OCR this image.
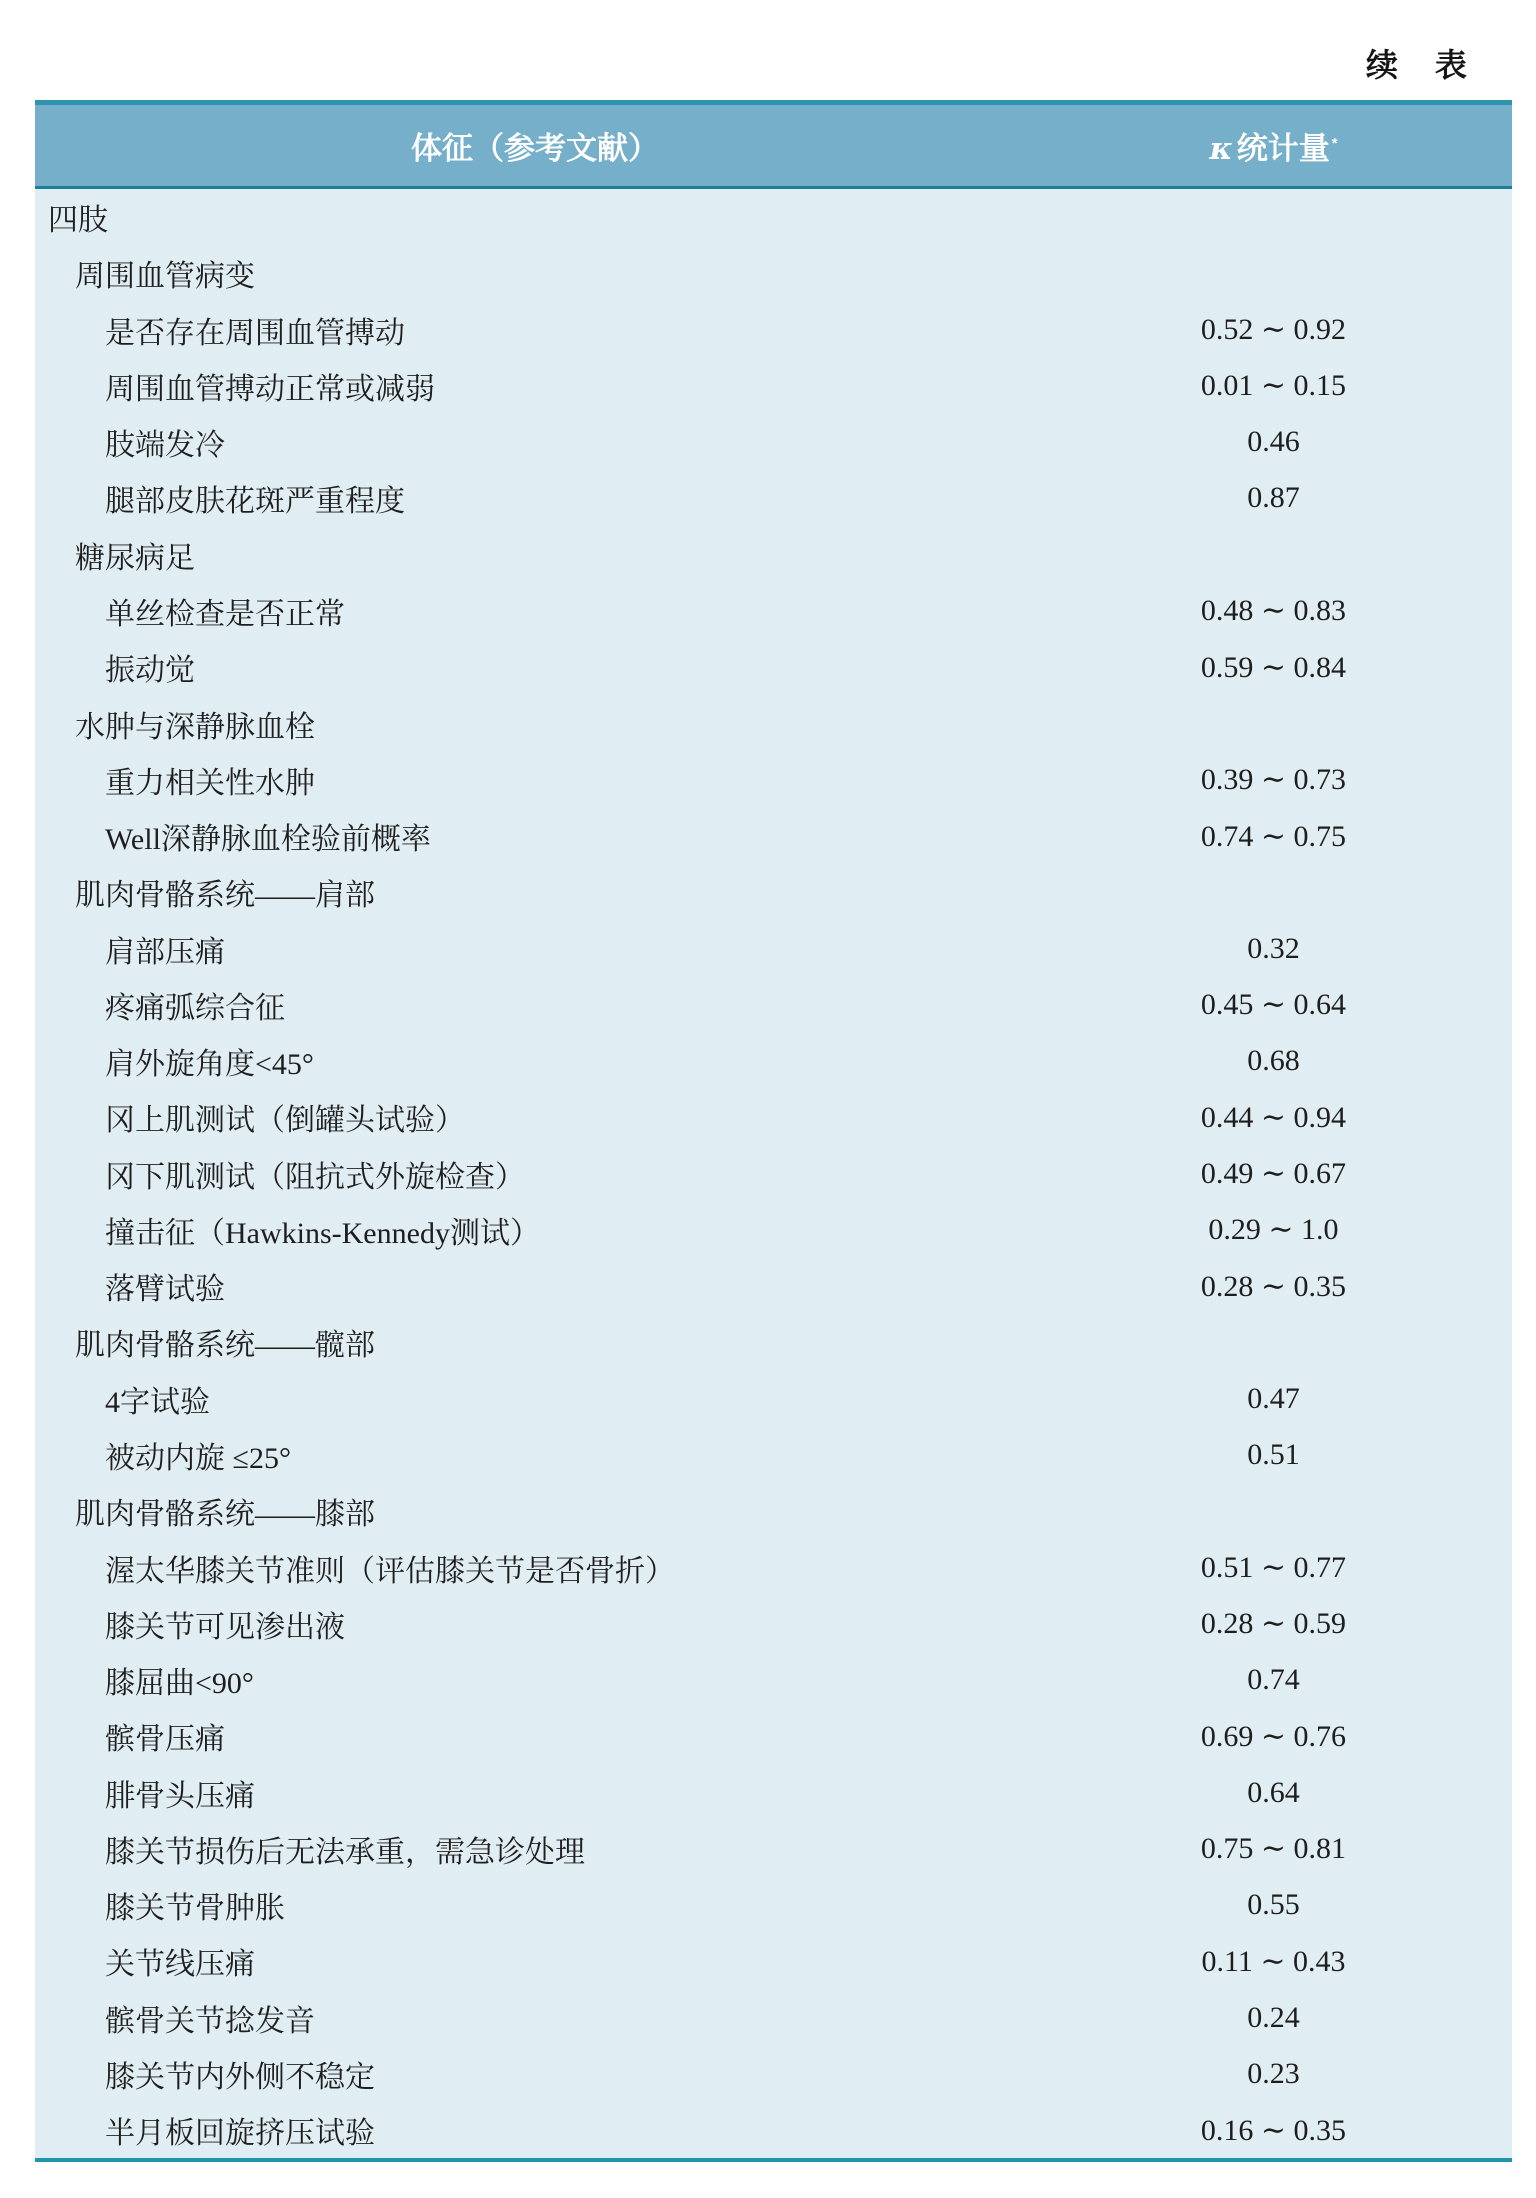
续 表
体征（参考文献）	κ 统计量 *
四肢
周围血管病变
是否存在周围血管搏动	0.52 ∼ 0.92
周围血管搏动正常或减弱	0.01 ∼ 0.15
肢端发冷	0.46
腿部皮肤花斑严重程度	0.87
糖尿病足
单丝检查是否正常	0.48 ∼ 0.83
振动觉	0.59 ∼ 0.84
水肿与深静脉血栓
重力相关性水肿	0.39 ∼ 0.73
Well深静脉血栓验前概率	0.74 ∼ 0.75
肌肉骨骼系统——肩部
肩部压痛	0.32
疼痛弧综合征	0.45 ∼ 0.64
肩外旋角度<45°	0.68
冈上肌测试（倒罐头试验）	0.44 ∼ 0.94
冈下肌测试（阻抗式外旋检查）	0.49 ∼ 0.67
撞击征（Hawkins-Kennedy测试）	0.29 ∼ 1.0
落臂试验	0.28 ∼ 0.35
肌肉骨骼系统——髋部
4字试验	0.47
被动内旋 ≤25°	0.51
肌肉骨骼系统——膝部
渥太华膝关节准则（评估膝关节是否骨折）	0.51 ∼ 0.77
膝关节可见渗出液	0.28 ∼ 0.59
膝屈曲<90°	0.74
髌骨压痛	0.69 ∼ 0.76
腓骨头压痛	0.64
膝关节损伤后无法承重，需急诊处理	0.75 ∼ 0.81
膝关节骨肿胀	0.55
关节线压痛	0.11 ∼ 0.43
髌骨关节捻发音	0.24
膝关节内外侧不稳定	0.23
半月板回旋挤压试验	0.16 ∼ 0.35
